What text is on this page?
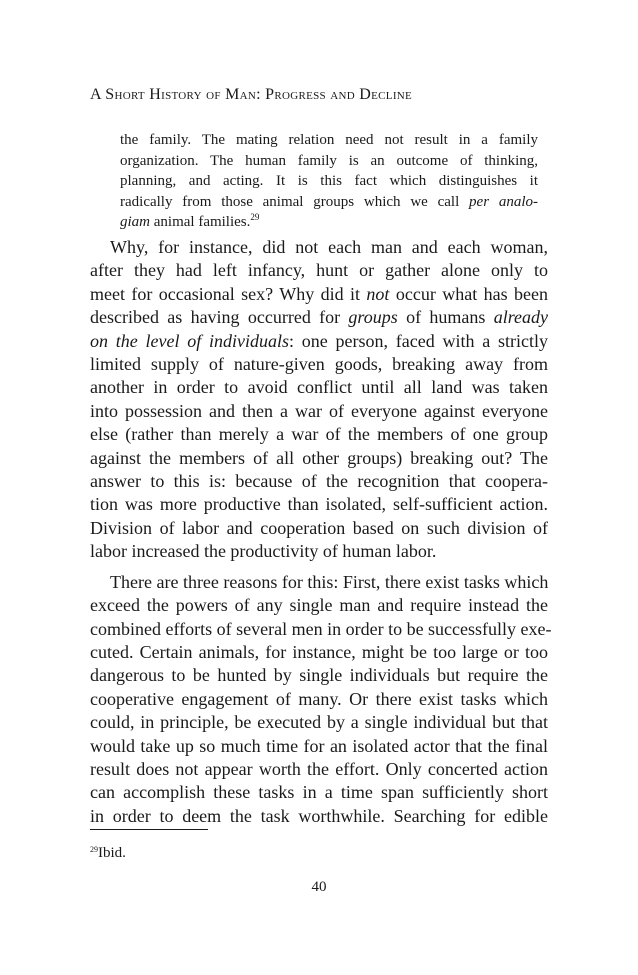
A Short History of Man: Progress and Decline
the family. The mating relation need not result in a family
organization. The human family is an outcome of thinking,
planning, and acting. It is this fact which distinguishes it
radically from those animal groups which we call per analo-
giam animal families.$^{29}$

Why, for instance, did not each man and each woman,
after they had left infancy, hunt or gather alone only to
meet for occasional sex? Why did it not occur what has been
described as having occurred for groups of humans already
on the level of individuals: one person, faced with a strictly
limited supply of nature-given goods, breaking away from
another in order to avoid conflict until all land was taken
into possession and then a war of everyone against everyone
else (rather than merely a war of the members of one group
against the members of all other groups) breaking out? The
answer to this is: because of the recognition that coopera-
tion was more productive than isolated, self-sufficient action.
Division of labor and cooperation based on such division of
labor increased the productivity of human labor.

There are three reasons for this: First, there exist tasks which
exceed the powers of any single man and require instead the
combined efforts of several men in order to be successfully exe-
cuted. Certain animals, for instance, might be too large or too
dangerous to be hunted by single individuals but require the
cooperative engagement of many. Or there exist tasks which
could, in principle, be executed by a single individual but that
would take up so much time for an isolated actor that the final
result does not appear worth the effort. Only concerted action
can accomplish these tasks in a time span sufficiently short
in order to deem the task worthwhile. Searching for edible

$^{29}$Ibid.
40
